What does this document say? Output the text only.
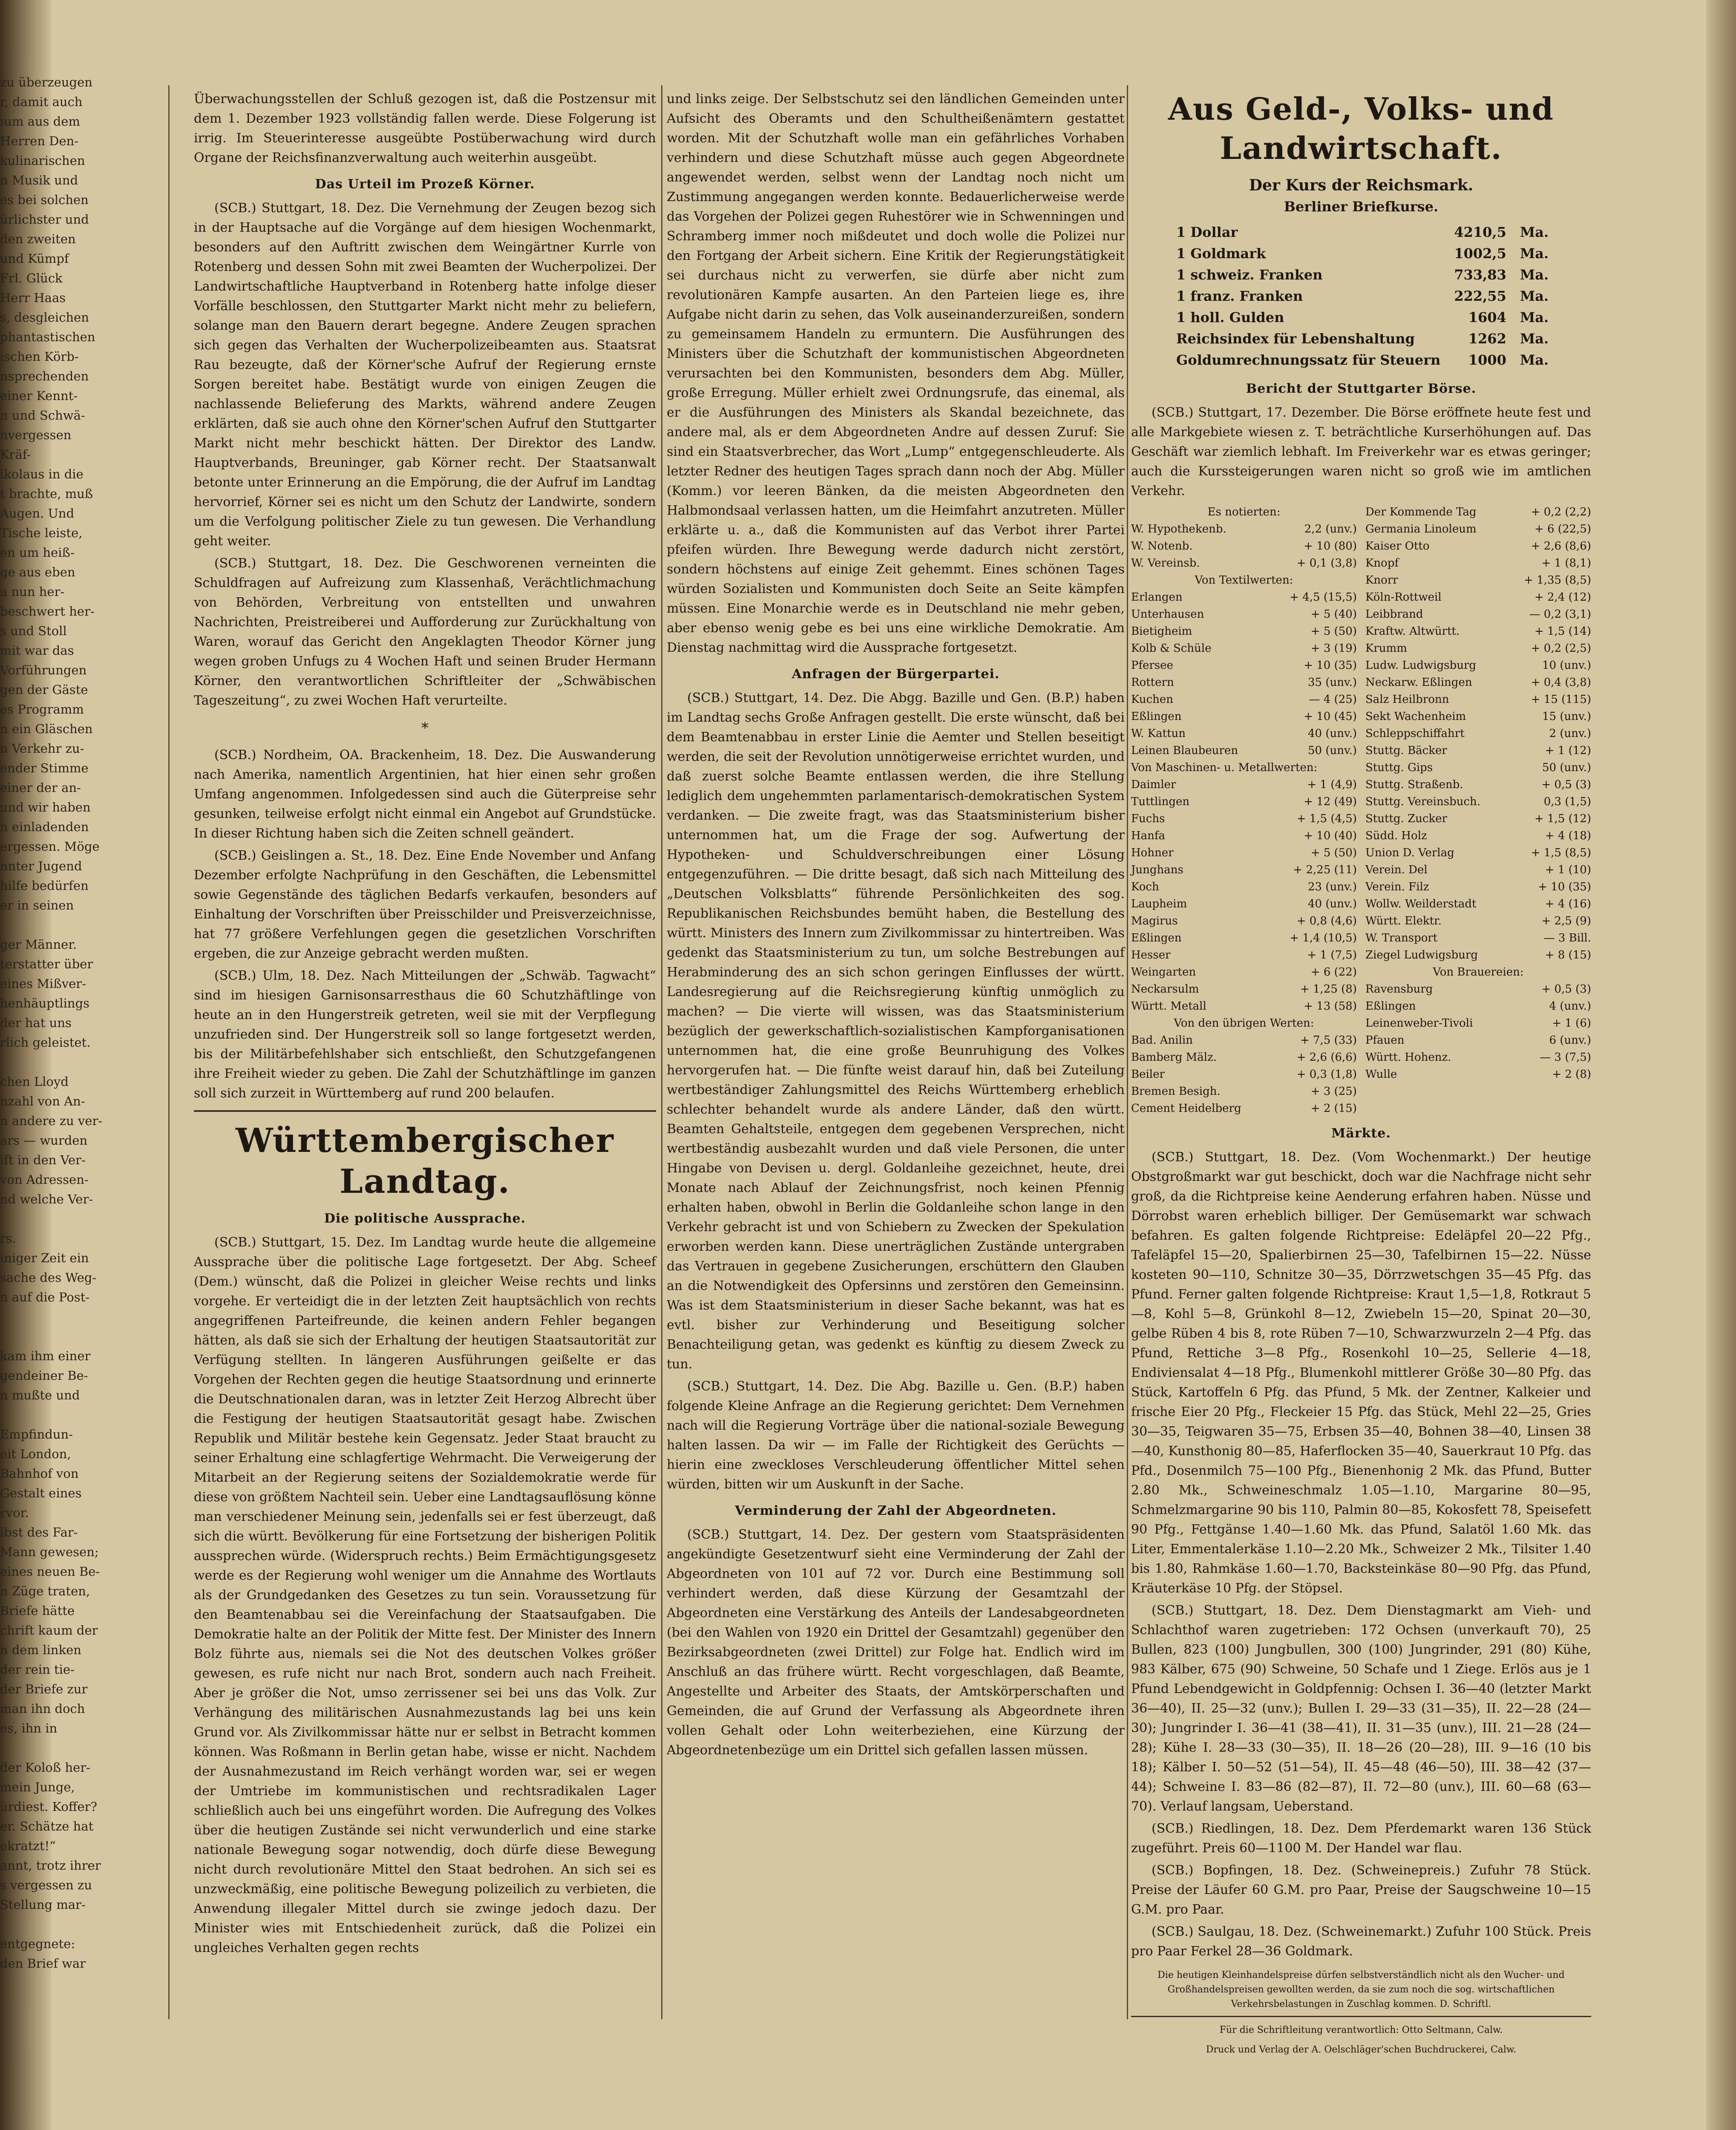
zu überzeugen
r, damit auch
ium aus dem
Herren Den-
kulinarischen
n Musik und
es bei solchen
ürlichster und
den zweiten
und Kümpf
Frl. Glück
Herr Haas
s, desgleichen
phantastischen
ischen Körb-
nsprechenden
einer Kennt-
n und Schwä-
nvergessen
Kräf-
ikolaus in die
t brachte, muß
Augen. Und
Tische leiste,
en um heiß-
ge aus eben
a nun her-
beschwert her-
s und Stoll
mit war das
Vorführungen
gen der Gäste
es Programm
n ein Gläschen
n Verkehr zu-
ender Stimme
einer der an-
und wir haben
n einladenden
ergessen. Möge
nnter Jugend
hilfe bedürfen
er in seinen

ger Männer.
terstatter über
eines Mißver-
henhäuptlings
der hat uns
rlich geleistet.

chen Lloyd
nzahl von An-
n andere zu ver-
ars — wurden
ift in den Ver-
von Adressen-
nd welche Ver-

rs.
iniger Zeit ein
sache des Weg-
n auf die Post-

kam ihm einer
gendeiner Be-
n mußte und

Empfindun-
eit London,
Bahnhof von
Gestalt eines
rvor.
ibst des Far-
Mann gewesen;
eines neuen Be-
n Züge traten,
Briefe hätte
chrift kaum der
n dem linken
der rein tie-
der Briefe zur
man ihn doch
es, ihn in

der Koloß her-
mein Junge,
ürdiest. Koffer?
er. Schätze hat
ekratzt!“
annt, trotz ihrer
s vergessen zu
Stellung mar-

entgegnete:
den Brief war

Überwachungsstellen der Schluß gezogen ist, daß die Postzensur mit dem 1. Dezember 1923 vollständig fallen werde. Diese Folgerung ist irrig. Im Steuerinteresse ausgeübte Postüberwachung wird durch Organe der Reichsfinanzverwaltung auch weiterhin ausgeübt.

Das Urteil im Prozeß Körner.

(SCB.) Stuttgart, 18. Dez. Die Vernehmung der Zeugen bezog sich in der Hauptsache auf die Vorgänge auf dem hiesigen Wochenmarkt, besonders auf den Auftritt zwischen dem Weingärtner Kurrle von Rotenberg und dessen Sohn mit zwei Beamten der Wucherpolizei. Der Landwirtschaftliche Hauptverband in Rotenberg hatte infolge dieser Vorfälle beschlossen, den Stuttgarter Markt nicht mehr zu beliefern, solange man den Bauern derart begegne. Andere Zeugen sprachen sich gegen das Verhalten der Wucherpolizeibeamten aus. Staatsrat Rau bezeugte, daß der Körner'sche Aufruf der Regierung ernste Sorgen bereitet habe. Bestätigt wurde von einigen Zeugen die nachlassende Belieferung des Markts, während andere Zeugen erklärten, daß sie auch ohne den Körner'schen Aufruf den Stuttgarter Markt nicht mehr beschickt hätten. Der Direktor des Landw. Hauptverbands, Breuninger, gab Körner recht. Der Staatsanwalt betonte unter Erinnerung an die Empörung, die der Aufruf im Landtag hervorrief, Körner sei es nicht um den Schutz der Landwirte, sondern um die Verfolgung politischer Ziele zu tun gewesen. Die Verhandlung geht weiter.

(SCB.) Stuttgart, 18. Dez. Die Geschworenen verneinten die Schuldfragen auf Aufreizung zum Klassenhaß, Verächtlichmachung von Behörden, Verbreitung von entstellten und unwahren Nachrichten, Preistreiberei und Aufforderung zur Zurückhaltung von Waren, worauf das Gericht den Angeklagten Theodor Körner jung wegen groben Unfugs zu 4 Wochen Haft und seinen Bruder Hermann Körner, den verantwortlichen Schriftleiter der „Schwäbischen Tageszeitung“, zu zwei Wochen Haft verurteilte.

*

(SCB.) Nordheim, OA. Brackenheim, 18. Dez. Die Auswanderung nach Amerika, namentlich Argentinien, hat hier einen sehr großen Umfang angenommen. Infolgedessen sind auch die Güterpreise sehr gesunken, teilweise erfolgt nicht einmal ein Angebot auf Grundstücke. In dieser Richtung haben sich die Zeiten schnell geändert.

(SCB.) Geislingen a. St., 18. Dez. Eine Ende November und Anfang Dezember erfolgte Nachprüfung in den Geschäften, die Lebensmittel sowie Gegenstände des täglichen Bedarfs verkaufen, besonders auf Einhaltung der Vorschriften über Preisschilder und Preisverzeichnisse, hat 77 größere Verfehlungen gegen die gesetzlichen Vorschriften ergeben, die zur Anzeige gebracht werden mußten.

(SCB.) Ulm, 18. Dez. Nach Mitteilungen der „Schwäb. Tagwacht“ sind im hiesigen Garnisonsarresthaus die 60 Schutzhäftlinge von heute an in den Hungerstreik getreten, weil sie mit der Verpflegung unzufrieden sind. Der Hungerstreik soll so lange fortgesetzt werden, bis der Militärbefehlshaber sich entschließt, den Schutzgefangenen ihre Freiheit wieder zu geben. Die Zahl der Schutzhäftlinge im ganzen soll sich zurzeit in Württemberg auf rund 200 belaufen.

Württembergischer Landtag.

Die politische Aussprache.

(SCB.) Stuttgart, 15. Dez. Im Landtag wurde heute die allgemeine Aussprache über die politische Lage fortgesetzt. Der Abg. Scheef (Dem.) wünscht, daß die Polizei in gleicher Weise rechts und links vorgehe. Er verteidigt die in der letzten Zeit hauptsächlich von rechts angegriffenen Parteifreunde, die keinen andern Fehler begangen hätten, als daß sie sich der Erhaltung der heutigen Staatsautorität zur Verfügung stellten. In längeren Ausführungen geißelte er das Vorgehen der Rechten gegen die heutige Staatsordnung und erinnerte die Deutschnationalen daran, was in letzter Zeit Herzog Albrecht über die Festigung der heutigen Staatsautorität gesagt habe. Zwischen Republik und Militär bestehe kein Gegensatz. Jeder Staat braucht zu seiner Erhaltung eine schlagfertige Wehrmacht. Die Verweigerung der Mitarbeit an der Regierung seitens der Sozialdemokratie werde für diese von größtem Nachteil sein. Ueber eine Landtagsauflösung könne man verschiedener Meinung sein, jedenfalls sei er fest überzeugt, daß sich die württ. Bevölkerung für eine Fortsetzung der bisherigen Politik aussprechen würde. (Widerspruch rechts.) Beim Ermächtigungsgesetz werde es der Regierung wohl weniger um die Annahme des Wortlauts als der Grundgedanken des Gesetzes zu tun sein. Voraussetzung für den Beamtenabbau sei die Vereinfachung der Staatsaufgaben. Die Demokratie halte an der Politik der Mitte fest. Der Minister des Innern Bolz führte aus, niemals sei die Not des deutschen Volkes größer gewesen, es rufe nicht nur nach Brot, sondern auch nach Freiheit. Aber je größer die Not, umso zerrissener sei bei uns das Volk. Zur Verhängung des militärischen Ausnahmezustands lag bei uns kein Grund vor. Als Zivilkommissar hätte nur er selbst in Betracht kommen können. Was Roßmann in Berlin getan habe, wisse er nicht. Nachdem der Ausnahmezustand im Reich verhängt worden war, sei er wegen der Umtriebe im kommunistischen und rechtsradikalen Lager schließlich auch bei uns eingeführt worden. Die Aufregung des Volkes über die heutigen Zustände sei nicht verwunderlich und eine starke nationale Bewegung sogar notwendig, doch dürfe diese Bewegung nicht durch revolutionäre Mittel den Staat bedrohen. An sich sei es unzweckmäßig, eine politische Bewegung polizeilich zu verbieten, die Anwendung illegaler Mittel durch sie zwinge jedoch dazu. Der Minister wies mit Entschiedenheit zurück, daß die Polizei ein ungleiches Verhalten gegen rechts

und links zeige. Der Selbstschutz sei den ländlichen Gemeinden unter Aufsicht des Oberamts und den Schultheißenämtern gestattet worden. Mit der Schutzhaft wolle man ein gefährliches Vorhaben verhindern und diese Schutzhaft müsse auch gegen Abgeordnete angewendet werden, selbst wenn der Landtag noch nicht um Zustimmung angegangen werden konnte. Bedauerlicherweise werde das Vorgehen der Polizei gegen Ruhestörer wie in Schwenningen und Schramberg immer noch mißdeutet und doch wolle die Polizei nur den Fortgang der Arbeit sichern. Eine Kritik der Regierungstätigkeit sei durchaus nicht zu verwerfen, sie dürfe aber nicht zum revolutionären Kampfe ausarten. An den Parteien liege es, ihre Aufgabe nicht darin zu sehen, das Volk auseinanderzureißen, sondern zu gemeinsamem Handeln zu ermuntern. Die Ausführungen des Ministers über die Schutzhaft der kommunistischen Abgeordneten verursachten bei den Kommunisten, besonders dem Abg. Müller, große Erregung. Müller erhielt zwei Ordnungsrufe, das einemal, als er die Ausführungen des Ministers als Skandal bezeichnete, das andere mal, als er dem Abgeordneten Andre auf dessen Zuruf: Sie sind ein Staatsverbrecher, das Wort „Lump“ entgegenschleuderte. Als letzter Redner des heutigen Tages sprach dann noch der Abg. Müller (Komm.) vor leeren Bänken, da die meisten Abgeordneten den Halbmondsaal verlassen hatten, um die Heimfahrt anzutreten. Müller erklärte u. a., daß die Kommunisten auf das Verbot ihrer Partei pfeifen würden. Ihre Bewegung werde dadurch nicht zerstört, sondern höchstens auf einige Zeit gehemmt. Eines schönen Tages würden Sozialisten und Kommunisten doch Seite an Seite kämpfen müssen. Eine Monarchie werde es in Deutschland nie mehr geben, aber ebenso wenig gebe es bei uns eine wirkliche Demokratie. Am Dienstag nachmittag wird die Aussprache fortgesetzt.

Anfragen der Bürgerpartei.

(SCB.) Stuttgart, 14. Dez. Die Abgg. Bazille und Gen. (B.P.) haben im Landtag sechs Große Anfragen gestellt. Die erste wünscht, daß bei dem Beamtenabbau in erster Linie die Aemter und Stellen beseitigt werden, die seit der Revolution unnötigerweise errichtet wurden, und daß zuerst solche Beamte entlassen werden, die ihre Stellung lediglich dem ungehemmten parlamentarisch-demokratischen System verdanken. — Die zweite fragt, was das Staatsministerium bisher unternommen hat, um die Frage der sog. Aufwertung der Hypotheken- und Schuldverschreibungen einer Lösung entgegenzuführen. — Die dritte besagt, daß sich nach Mitteilung des „Deutschen Volksblatts“ führende Persönlichkeiten des sog. Republikanischen Reichsbundes bemüht haben, die Bestellung des württ. Ministers des Innern zum Zivilkommissar zu hintertreiben. Was gedenkt das Staatsministerium zu tun, um solche Bestrebungen auf Herabminderung des an sich schon geringen Einflusses der württ. Landesregierung auf die Reichsregierung künftig unmöglich zu machen? — Die vierte will wissen, was das Staatsministerium bezüglich der gewerkschaftlich-sozialistischen Kampforganisationen unternommen hat, die eine große Beunruhigung des Volkes hervorgerufen hat. — Die fünfte weist darauf hin, daß bei Zuteilung wertbeständiger Zahlungsmittel des Reichs Württemberg erheblich schlechter behandelt wurde als andere Länder, daß den württ. Beamten Gehaltsteile, entgegen dem gegebenen Versprechen, nicht wertbeständig ausbezahlt wurden und daß viele Personen, die unter Hingabe von Devisen u. dergl. Goldanleihe gezeichnet, heute, drei Monate nach Ablauf der Zeichnungsfrist, noch keinen Pfennig erhalten haben, obwohl in Berlin die Goldanleihe schon lange in den Verkehr gebracht ist und von Schiebern zu Zwecken der Spekulation erworben werden kann. Diese unerträglichen Zustände untergraben das Vertrauen in gegebene Zusicherungen, erschüttern den Glauben an die Notwendigkeit des Opfersinns und zerstören den Gemeinsinn. Was ist dem Staatsministerium in dieser Sache bekannt, was hat es evtl. bisher zur Verhinderung und Beseitigung solcher Benachteiligung getan, was gedenkt es künftig zu diesem Zweck zu tun.

(SCB.) Stuttgart, 14. Dez. Die Abg. Bazille u. Gen. (B.P.) haben folgende Kleine Anfrage an die Regierung gerichtet: Dem Vernehmen nach will die Regierung Vorträge über die national-soziale Bewegung halten lassen. Da wir — im Falle der Richtigkeit des Gerüchts — hierin eine zweckloses Verschleuderung öffentlicher Mittel sehen würden, bitten wir um Auskunft in der Sache.

Verminderung der Zahl der Abgeordneten.

(SCB.) Stuttgart, 14. Dez. Der gestern vom Staatspräsidenten angekündigte Gesetzentwurf sieht eine Verminderung der Zahl der Abgeordneten von 101 auf 72 vor. Durch eine Bestimmung soll verhindert werden, daß diese Kürzung der Gesamtzahl der Abgeordneten eine Verstärkung des Anteils der Landesabgeordneten (bei den Wahlen von 1920 ein Drittel der Gesamtzahl) gegenüber den Bezirksabgeordneten (zwei Drittel) zur Folge hat. Endlich wird im Anschluß an das frühere württ. Recht vorgeschlagen, daß Beamte, Angestellte und Arbeiter des Staats, der Amtskörperschaften und Gemeinden, die auf Grund der Verfassung als Abgeordnete ihren vollen Gehalt oder Lohn weiterbeziehen, eine Kürzung der Abgeordnetenbezüge um ein Drittel sich gefallen lassen müssen.

Aus Geld-, Volks- und Landwirtschaft.
Der Kurs der Reichsmark.
Berliner Briefkurse.
1 Dollar	4210,5	Ma.
1 Goldmark	1002,5	Ma.
1 schweiz. Franken	733,83	Ma.
1 franz. Franken	222,55	Ma.
1 holl. Gulden	1604	Ma.
Reichsindex für Lebenshaltung	1262	Ma.
Goldumrechnungssatz für Steuern	1000	Ma.

Bericht der Stuttgarter Börse.

(SCB.) Stuttgart, 17. Dezember. Die Börse eröffnete heute fest und alle Markgebiete wiesen z. T. beträchtliche Kurserhöhungen auf. Das Geschäft war ziemlich lebhaft. Im Freiverkehr war es etwas geringer; auch die Kurssteigerungen waren nicht so groß wie im amtlichen Verkehr.

Es notierten:
W. Hypothekenb.	2,2 (unv.)
W. Notenb.	+ 10 (80)
W. Vereinsb.	+ 0,1 (3,8)
Von Textilwerten:
Erlangen	+ 4,5 (15,5)
Unterhausen	+ 5 (40)
Bietigheim	+ 5 (50)
Kolb & Schüle	+ 3 (19)
Pfersee	+ 10 (35)
Rottern	35 (unv.)
Kuchen	— 4 (25)
Eßlingen	+ 10 (45)
W. Kattun	40 (unv.)
Leinen Blaubeuren	50 (unv.)
Von Maschinen- u. Metallwerten:
Daimler	+ 1 (4,9)
Tuttlingen	+ 12 (49)
Fuchs	+ 1,5 (4,5)
Hanfa	+ 10 (40)
Hohner	+ 5 (50)
Junghans	+ 2,25 (11)
Koch	23 (unv.)
Laupheim	40 (unv.)
Magirus	+ 0,8 (4,6)
Eßlingen	+ 1,4 (10,5)
Hesser	+ 1 (7,5)
Weingarten	+ 6 (22)
Neckarsulm	+ 1,25 (8)
Württ. Metall	+ 13 (58)
Von den übrigen Werten:
Bad. Anilin	+ 7,5 (33)
Bamberg Mälz.	+ 2,6 (6,6)
Beiler	+ 0,3 (1,8)
Bremen Besigh.	+ 3 (25)
Cement Heidelberg	+ 2 (15)
Der Kommende Tag	+ 0,2 (2,2)
Germania Linoleum	+ 6 (22,5)
Kaiser Otto	+ 2,6 (8,6)
Knopf	+ 1 (8,1)
Knorr	+ 1,35 (8,5)
Köln-Rottweil	+ 2,4 (12)
Leibbrand	— 0,2 (3,1)
Kraftw. Altwürtt.	+ 1,5 (14)
Krumm	+ 0,2 (2,5)
Ludw. Ludwigsburg	10 (unv.)
Neckarw. Eßlingen	+ 0,4 (3,8)
Salz Heilbronn	+ 15 (115)
Sekt Wachenheim	15 (unv.)
Schleppschiffahrt	2 (unv.)
Stuttg. Bäcker	+ 1 (12)
Stuttg. Gips	50 (unv.)
Stuttg. Straßenb.	+ 0,5 (3)
Stuttg. Vereinsbuch.	0,3 (1,5)
Stuttg. Zucker	+ 1,5 (12)
Südd. Holz	+ 4 (18)
Union D. Verlag	+ 1,5 (8,5)
Verein. Del	+ 1 (10)
Verein. Filz	+ 10 (35)
Wollw. Weilderstadt	+ 4 (16)
Württ. Elektr.	+ 2,5 (9)
W. Transport	— 3 Bill.
Ziegel Ludwigsburg	+ 8 (15)
Von Brauereien:
Ravensburg	+ 0,5 (3)
Eßlingen	4 (unv.)
Leinenweber-Tivoli	+ 1 (6)
Pfauen	6 (unv.)
Württ. Hohenz.	— 3 (7,5)
Wulle	+ 2 (8)

Märkte.

(SCB.) Stuttgart, 18. Dez. (Vom Wochenmarkt.) Der heutige Obstgroßmarkt war gut beschickt, doch war die Nachfrage nicht sehr groß, da die Richtpreise keine Aenderung erfahren haben. Nüsse und Dörrobst waren erheblich billiger. Der Gemüsemarkt war schwach befahren. Es galten folgende Richtpreise: Edeläpfel 20—22 Pfg., Tafeläpfel 15—20, Spalierbirnen 25—30, Tafelbirnen 15—22. Nüsse kosteten 90—110, Schnitze 30—35, Dörrzwetschgen 35—45 Pfg. das Pfund. Ferner galten folgende Richtpreise: Kraut 1,5—1,8, Rotkraut 5—8, Kohl 5—8, Grünkohl 8—12, Zwiebeln 15—20, Spinat 20—30, gelbe Rüben 4 bis 8, rote Rüben 7—10, Schwarzwurzeln 2—4 Pfg. das Pfund, Rettiche 3—8 Pfg., Rosenkohl 10—25, Sellerie 4—18, Endiviensalat 4—18 Pfg., Blumenkohl mittlerer Größe 30—80 Pfg. das Stück, Kartoffeln 6 Pfg. das Pfund, 5 Mk. der Zentner, Kalkeier und frische Eier 20 Pfg., Fleckeier 15 Pfg. das Stück, Mehl 22—25, Gries 30—35, Teigwaren 35—75, Erbsen 35—40, Bohnen 38—40, Linsen 38—40, Kunsthonig 80—85, Haferflocken 35—40, Sauerkraut 10 Pfg. das Pfd., Dosenmilch 75—100 Pfg., Bienenhonig 2 Mk. das Pfund, Butter 2.80 Mk., Schweineschmalz 1.05—1.10, Margarine 80—95, Schmelzmargarine 90 bis 110, Palmin 80—85, Kokosfett 78, Speisefett 90 Pfg., Fettgänse 1.40—1.60 Mk. das Pfund, Salatöl 1.60 Mk. das Liter, Emmentalerkäse 1.10—2.20 Mk., Schweizer 2 Mk., Tilsiter 1.40 bis 1.80, Rahmkäse 1.60—1.70, Backsteinkäse 80—90 Pfg. das Pfund, Kräuterkäse 10 Pfg. der Stöpsel.

(SCB.) Stuttgart, 18. Dez. Dem Dienstagmarkt am Vieh- und Schlachthof waren zugetrieben: 172 Ochsen (unverkauft 70), 25 Bullen, 823 (100) Jungbullen, 300 (100) Jungrinder, 291 (80) Kühe, 983 Kälber, 675 (90) Schweine, 50 Schafe und 1 Ziege. Erlös aus je 1 Pfund Lebendgewicht in Goldpfennig: Ochsen I. 36—40 (letzter Markt 36—40), II. 25—32 (unv.); Bullen I. 29—33 (31—35), II. 22—28 (24—30); Jungrinder I. 36—41 (38—41), II. 31—35 (unv.), III. 21—28 (24—28); Kühe I. 28—33 (30—35), II. 18—26 (20—28), III. 9—16 (10 bis 18); Kälber I. 50—52 (51—54), II. 45—48 (46—50), III. 38—42 (37—44); Schweine I. 83—86 (82—87), II. 72—80 (unv.), III. 60—68 (63—70). Verlauf langsam, Ueberstand.

(SCB.) Riedlingen, 18. Dez. Dem Pferdemarkt waren 136 Stück zugeführt. Preis 60—1100 M. Der Handel war flau.

(SCB.) Bopfingen, 18. Dez. (Schweinepreis.) Zufuhr 78 Stück. Preise der Läufer 60 G.M. pro Paar, Preise der Saugschweine 10—15 G.M. pro Paar.

(SCB.) Saulgau, 18. Dez. (Schweinemarkt.) Zufuhr 100 Stück. Preis pro Paar Ferkel 28—36 Goldmark.

Die heutigen Kleinhandelspreise dürfen selbstverständlich nicht als den Wucher- und Großhandelspreisen gewollten werden, da sie zum noch die sog. wirtschaftlichen Verkehrsbelastungen in Zuschlag kommen. D. Schriftl.
Für die Schriftleitung verantwortlich: Otto Seltmann, Calw.
Druck und Verlag der A. Oelschläger'schen Buchdruckerei, Calw.
